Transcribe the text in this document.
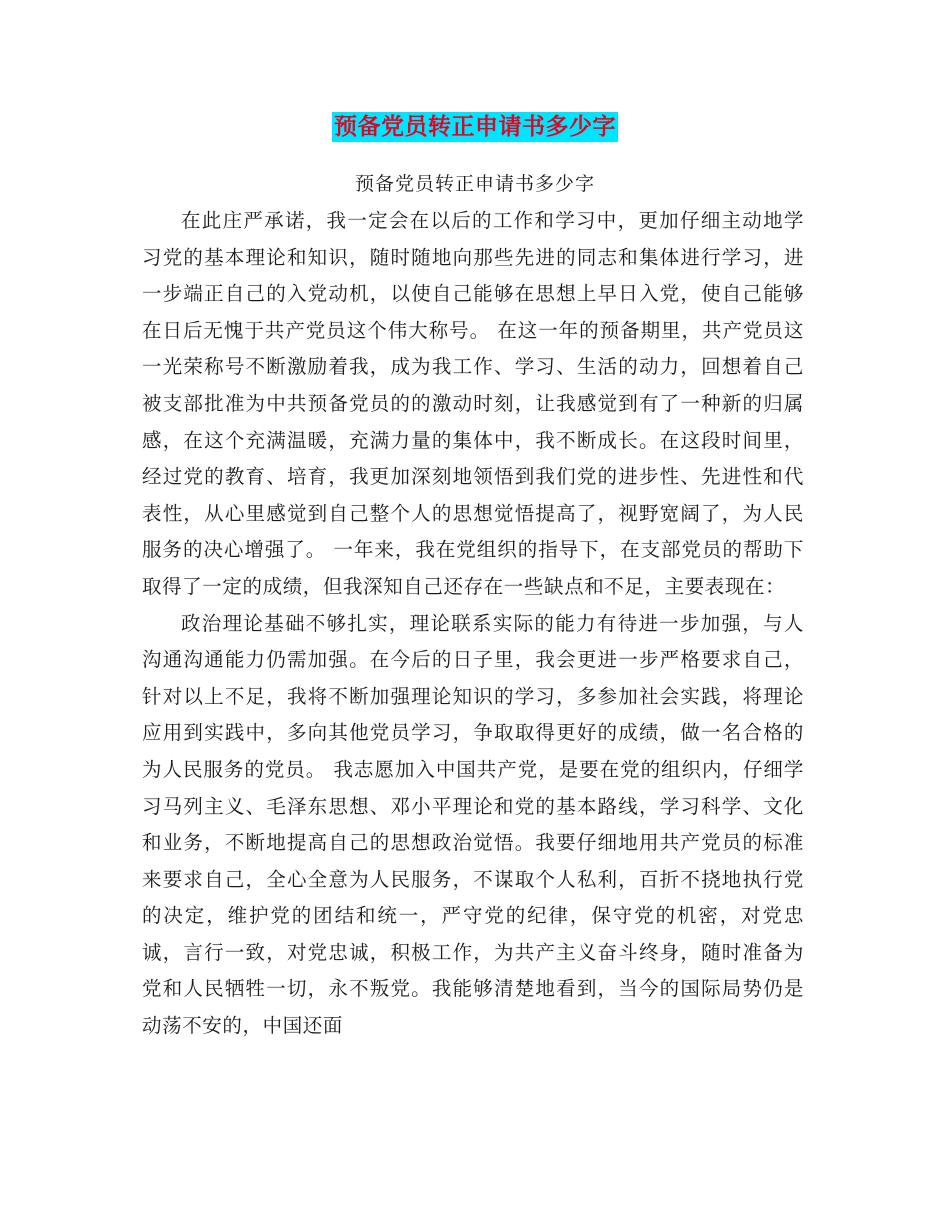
预备党员转正申请书多少字
预备党员转正申请书多少字

在此庄严承诺，我一定会在以后的工作和学习中，更加仔细主动地学习党的基本理论和知识，随时随地向那些先进的同志和集体进行学习，进一步端正自己的入党动机，以使自己能够在思想上早日入党，使自己能够在日后无愧于共产党员这个伟大称号。 在这一年的预备期里，共产党员这一光荣称号不断激励着我，成为我工作、学习、生活的动力，回想着自己被支部批准为中共预备党员的的激动时刻，让我感觉到有了一种新的归属感，在这个充满温暖，充满力量的集体中，我不断成长。在这段时间里，经过党的教育、培育，我更加深刻地领悟到我们党的进步性、先进性和代表性，从心里感觉到自己整个人的思想觉悟提高了，视野宽阔了，为人民服务的决心增强了。 一年来，我在党组织的指导下，在支部党员的帮助下取得了一定的成绩，但我深知自己还存在一些缺点和不足，主要表现在：

政治理论基础不够扎实，理论联系实际的能力有待进一步加强，与人沟通沟通能力仍需加强。在今后的日子里，我会更进一步严格要求自己，针对以上不足，我将不断加强理论知识的学习，多参加社会实践，将理论应用到实践中，多向其他党员学习，争取取得更好的成绩，做一名合格的为人民服务的党员。 我志愿加入中国共产党，是要在党的组织内，仔细学习马列主义、毛泽东思想、邓小平理论和党的基本路线，学习科学、文化和业务，不断地提高自己的思想政治觉悟。我要仔细地用共产党员的标准来要求自己，全心全意为人民服务，不谋取个人私利，百折不挠地执行党的决定，维护党的团结和统一，严守党的纪律，保守党的机密，对党忠诚，言行一致，对党忠诚，积极工作，为共产主义奋斗终身，随时准备为党和人民牺牲一切，永不叛党。我能够清楚地看到，当今的国际局势仍是动荡不安的，中国还面
